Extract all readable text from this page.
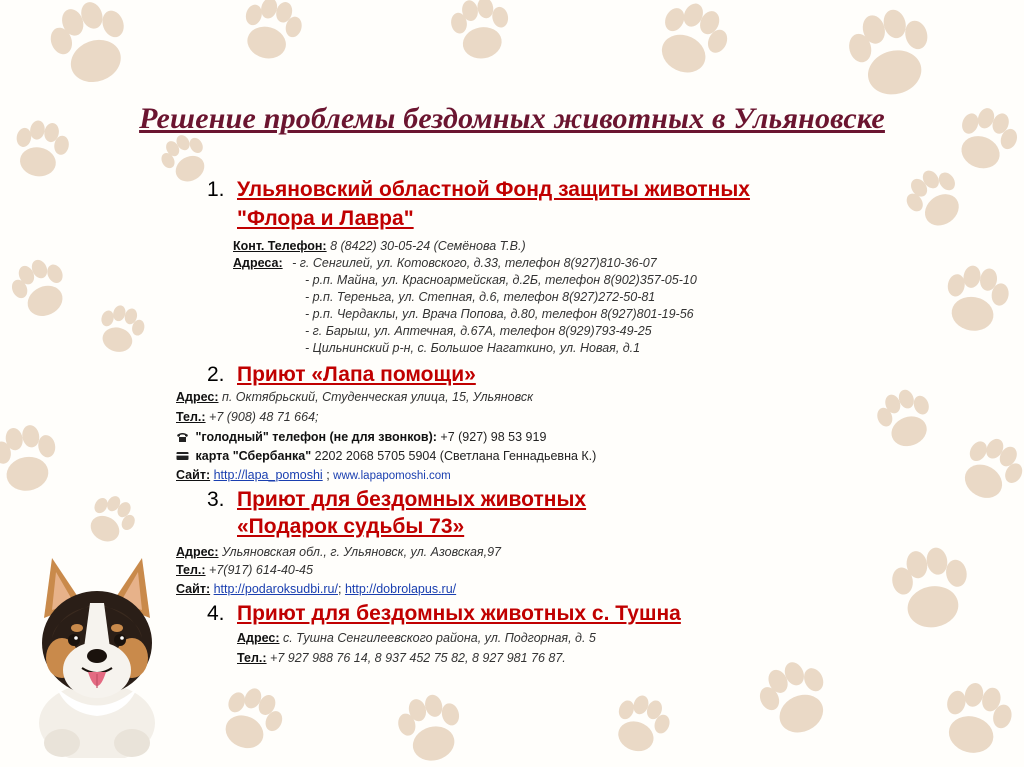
Решение проблемы бездомных животных в Ульяновске
1. Ульяновский областной Фонд защиты животных
"Флора и Лавра"
Конт. Телефон: 8 (8422) 30-05-24 (Семёнова Т.В.)
Адреса: - г. Сенгилей, ул. Котовского, д.33, телефон 8(927)810-36-07
- р.п. Майна, ул. Красноармейская, д.2Б, телефон 8(902)357-05-10
- р.п. Тереньга, ул. Степная, д.6, телефон 8(927)272-50-81
- р.п. Чердаклы, ул. Врача Попова, д.80, телефон 8(927)801-19-56
- г. Барыш, ул. Аптечная, д.67А, телефон 8(929)793-49-25
- Цильнинский р-н, с. Большое Нагаткино, ул. Новая, д.1
2. Приют «Лапа помощи»
Адрес: п. Октябрьский, Студенческая улица, 15, Ульяновск
Тел.: +7 (908) 48 71 664;
"голодный" телефон (не для звонков): +7 (927) 98 53 919
карта "Сбербанка" 2202 2068 5705 5904 (Светлана Геннадьевна К.)
Сайт: http://lapa_pomoshi ; www.lapapomoshi.com
3. Приют для бездомных животных
«Подарок судьбы 73»
Адрес: Ульяновская обл., г. Ульяновск, ул. Азовская,97
Тел.: +7(917) 614-40-45
Сайт: http://podaroksudbi.ru/; http://dobrolapus.ru/
4. Приют для бездомных животных с. Тушна
Адрес: с. Тушна Сенгилеевского района, ул. Подгорная, д. 5
Тел.: +7 927 988 76 14, 8 937 452 75 82, 8 927 981 76 87.
